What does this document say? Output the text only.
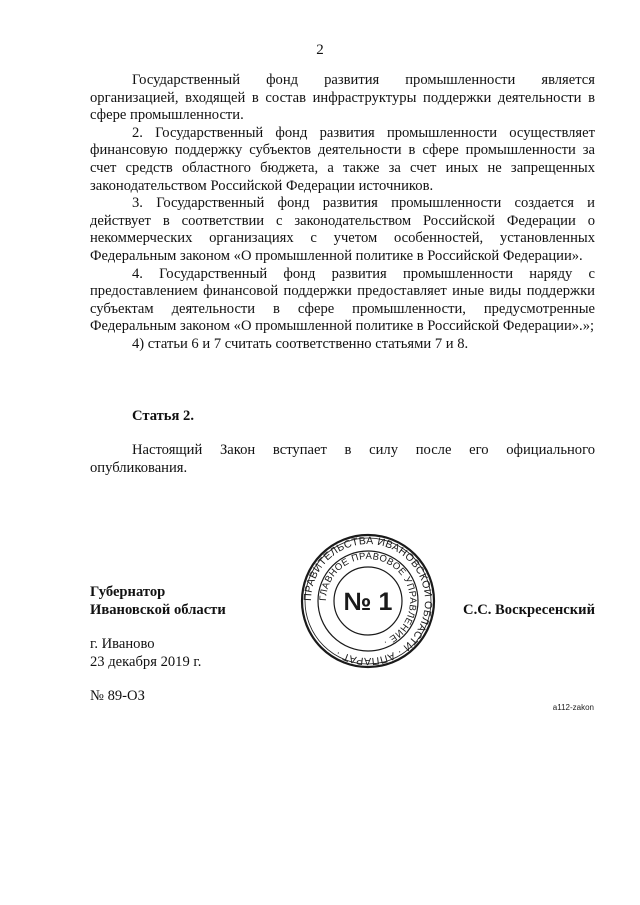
2

Государственный фонд развития промышленности является организацией, входящей в состав инфраструктуры поддержки деятельности в сфере промышленности.

2. Государственный фонд развития промышленности осуществляет финансовую поддержку субъектов деятельности в сфере промышленности за счет средств областного бюджета, а также за счет иных не запрещенных законодательством Российской Федерации источников.

3. Государственный фонд развития промышленности создается и действует в соответствии с законодательством Российской Федерации о некоммерческих организациях с учетом особенностей, установленных Федеральным законом «О промышленной политике в Российской Федерации».

4. Государственный фонд развития промышленности наряду с предоставлением финансовой поддержки предоставляет иные виды поддержки субъектам деятельности в сфере промышленности, предусмотренные Федеральным законом «О промышленной политике в Российской Федерации».»;

4) статьи 6 и 7 считать соответственно статьями 7 и 8.

Статья 2.

Настоящий Закон вступает в силу после его официального опубликования.

Губернатор
Ивановской области
ПРАВИТЕЛЬСТВА ИВАНОВСКОЙ ОБЛАСТИ · АППАРАТ ·
ГЛАВНОЕ ПРАВОВОЕ УПРАВЛЕНИЕ ·
№ 1	С.С. Воскресенский
г. Иваново
23 декабря 2019 г.
№ 89-ОЗ
а112-zakon
